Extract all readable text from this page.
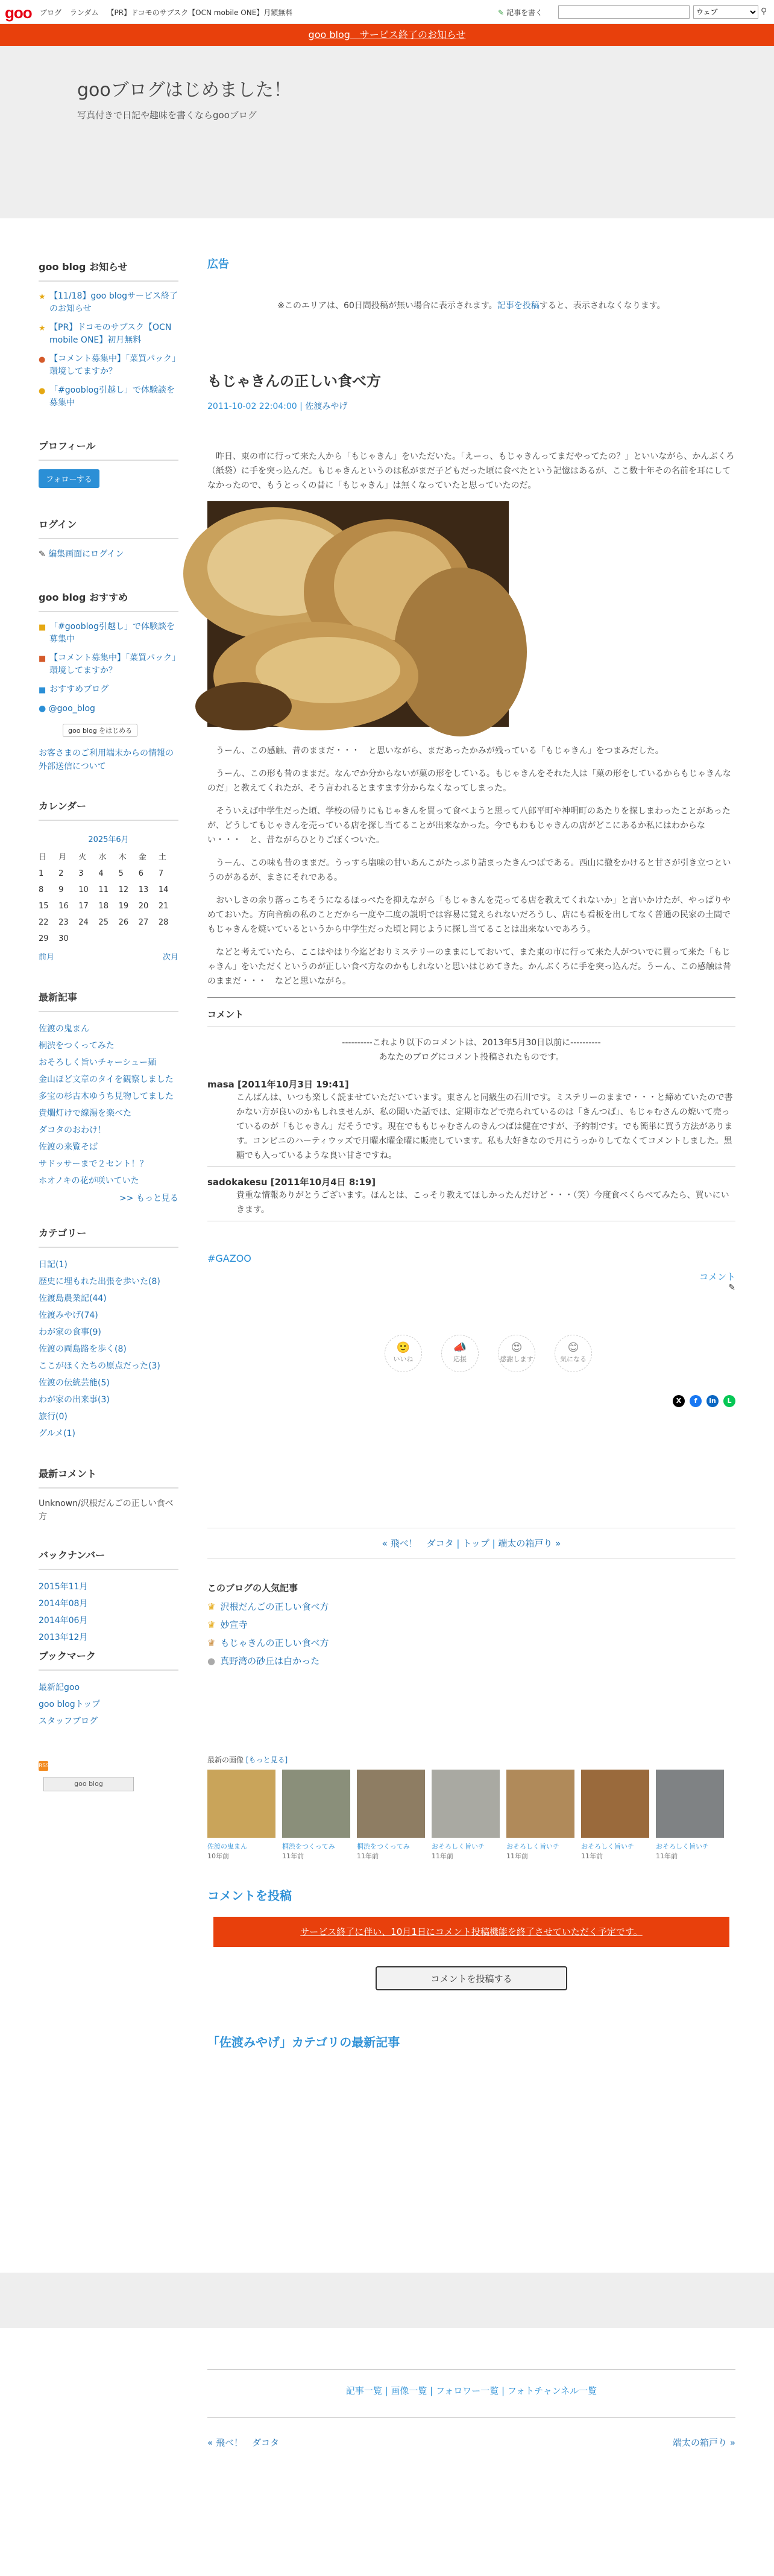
goo ブログ ランダム 【PR】ドコモのサブスク【OCN mobile ONE】月額無料	✎ 記事を書く
ウェブ	⚲
goo blog　サービス終了のお知らせ
gooブログはじめました！

写真付きで日記や趣味を書くならgooブログ

goo blog お知らせ
★ 【11/18】goo blogサービス終了のお知らせ
★ 【PR】ドコモのサブスク【OCN mobile ONE】初月無料
● 【コメント募集中】「菜買パック」環境してますか？
● 「#gooblog引越し」で体験談を募集中
プロフィール
フォローする
ログイン
✎ 編集画面にログイン
goo blog おすすめ
■ 「#gooblog引越し」で体験談を募集中
■ 【コメント募集中】「菜買パック」環境してますか？
■ おすすめブログ
● @goo_blog
goo blog をはじめる
お客さまのご利用端末からの情報の外部送信について
カレンダー
2025年6月						
日	月	火	水	木	金	土
1	2	3	4	5	6	7
8	9	10	11	12	13	14
15	16	17	18	19	20	21
22	23	24	25	26	27	28
29	30					
前月			次月			
最新記事
佐渡の鬼まん
桐渋をつくってみた
おそろしく旨いチャーシュー麺
金山ほど文章のタイを観察しました
多宝の杉古木ゆうち見物してました
貴燗灯けで線湯を楽べた
ダコタのおわけ！
佐渡の来覧そば
サドッサーまで２セント！？
ホオノキの花が咲いていた
>> もっと見る
カテゴリー
日記(1)
歴史に埋もれた出張を歩いた(8)
佐渡島農業記(44)
佐渡みやげ(74)
わが家の食事(9)
佐渡の両島路を歩く(8)
ここがほくたちの原点だった(3)
佐渡の伝統芸能(5)
わが家の出来事(3)
旅行(0)
グルメ(1)
最新コメント
Unknown/沢根だんごの正しい食べ方
バックナンバー
2015年11月
2014年08月
2014年06月
2013年12月
ブックマーク
最新記goo
goo blogトップ
スタッフブログ
RSS
goo blog
広告
※このエリアは、60日間投稿が無い場合に表示されます。記事を投稿すると、表示されなくなります。
もじゃきんの正しい食べ方
2011-10-02 22:04:00 | 佐渡みやげ

昨日、東の市に行って来た人から「もじゃきん」をいただいた。「えーっ、もじゃきんってまだやってたの？」といいながら、かんぶくろ（紙袋）に手を突っ込んだ。もじゃきんというのは私がまだ子どもだった頃に食べたという記憶はあるが、ここ数十年その名前を耳にしてなかったので、もうとっくの昔に「もじゃきん」は無くなっていたと思っていたのだ。

うーん、この感触、昔のままだ・・・　と思いながら、まだあったかみが残っている「もじゃきん」をつまみだした。

うーん、この形も昔のままだ。なんでか分からないが菓の形をしている。もじゃきんをそれた人は「菓の形をしているからもじゃきんなのだ」と教えてくれたが、そう言われるとますます分からなくなってしまった。

そういえば中学生だった頃、学校の帰りにもじゃきんを買って食べようと思って八郎平町や神明町のあたりを探しまわったことがあったが、どうしてもじゃきんを売っている店を探し当てることが出来なかった。今でもわもじゃきんの店がどこにあるか私にはわからない・・・　と、昔ながらひとりごぼくついた。

うーん、この味も昔のままだ。うっすら塩味の甘いあんこがたっぷり詰まったきんつばである。西山に撤をかけると甘さが引き立つというのがあるが、まさにそれである。

おいしさの余り落っこちそうになるほっぺたを抑えながら「もじゃきんを売ってる店を教えてくれないか」と言いかけたが、やっぱりやめておいた。方向音痴の私のことだから一度や二度の説明では容易に覚えられないだろうし、店にも看板を出してなく普通の民家の土間でもじゃきんを焼いているというから中学生だった頃と同じように探し当てることは出来ないであろう。

などと考えていたら、ここはやはり今迄どおりミステリーのままにしておいて、また東の市に行って来た人がついでに買って来た「もじゃきん」をいただくというのが正しい食べ方なのかもしれないと思いはじめてきた。かんぶくろに手を突っ込んだ。うーん、この感触は昔のままだ・・・　などと思いながら。

コメント
----------これより以下のコメントは、2013年5月30日以前に----------
あなたのブログにコメント投稿されたものです。
masa [2011年10月3日 19:41]
こんばんは、いつも楽しく読ませていただいています。東さんと同級生の石川です。ミステリーのままで・・・と締めていたので書かない方が良いのかもしれませんが、私の聞いた話では、定期市などで売られているのは「きんつば」、もじゃむさんの焼いて売っているのが「もじゃきん」だそうです。現在でももじゃむさんのきんつばは健在ですが、予約制です。でも簡単に買う方法があります。コンビニのハーティウッズで月曜水曜金曜に販売しています。私も大好きなので月にうっかりしてなくてコメントしました。黒糖でも入っているような良い甘さですね。
sadokakesu [2011年10月4日 8:19]
貴重な情報ありがとうございます。ほんとは、こっそり教えてほしかったんだけど・・・（笑）今度食べくらべてみたら、買いにいきます。
#GAZOO
コメント
✎
🙂
いいね
📣
応援
😍
感謝します
😊
気になる
X	f	in	L
« 飛べ！　ダコタ | トップ | 端太の箱戸り »
このブログの人気記事
♛ 沢根だんごの正しい食べ方
♛ 妙宣寺
♛ もじゃきんの正しい食べ方
● 真野湾の砂丘は白かった
最新の画像 [もっと見る]
佐渡の鬼まん
10年前
桐渋をつくってみ
11年前
桐渋をつくってみ
11年前
おそろしく旨いチ
11年前
おそろしく旨いチ
11年前
おそろしく旨いチ
11年前
おそろしく旨いチ
11年前
コメントを投稿
サービス終了に伴い、10月1日にコメント投稿機能を終了させていただく予定です。
コメントを投稿する
「佐渡みやげ」カテゴリの最新記事
記事一覧 | 画像一覧 | フォロワー一覧 | フォトチャンネル一覧
« 飛べ！　ダコタ	端太の箱戸り »
